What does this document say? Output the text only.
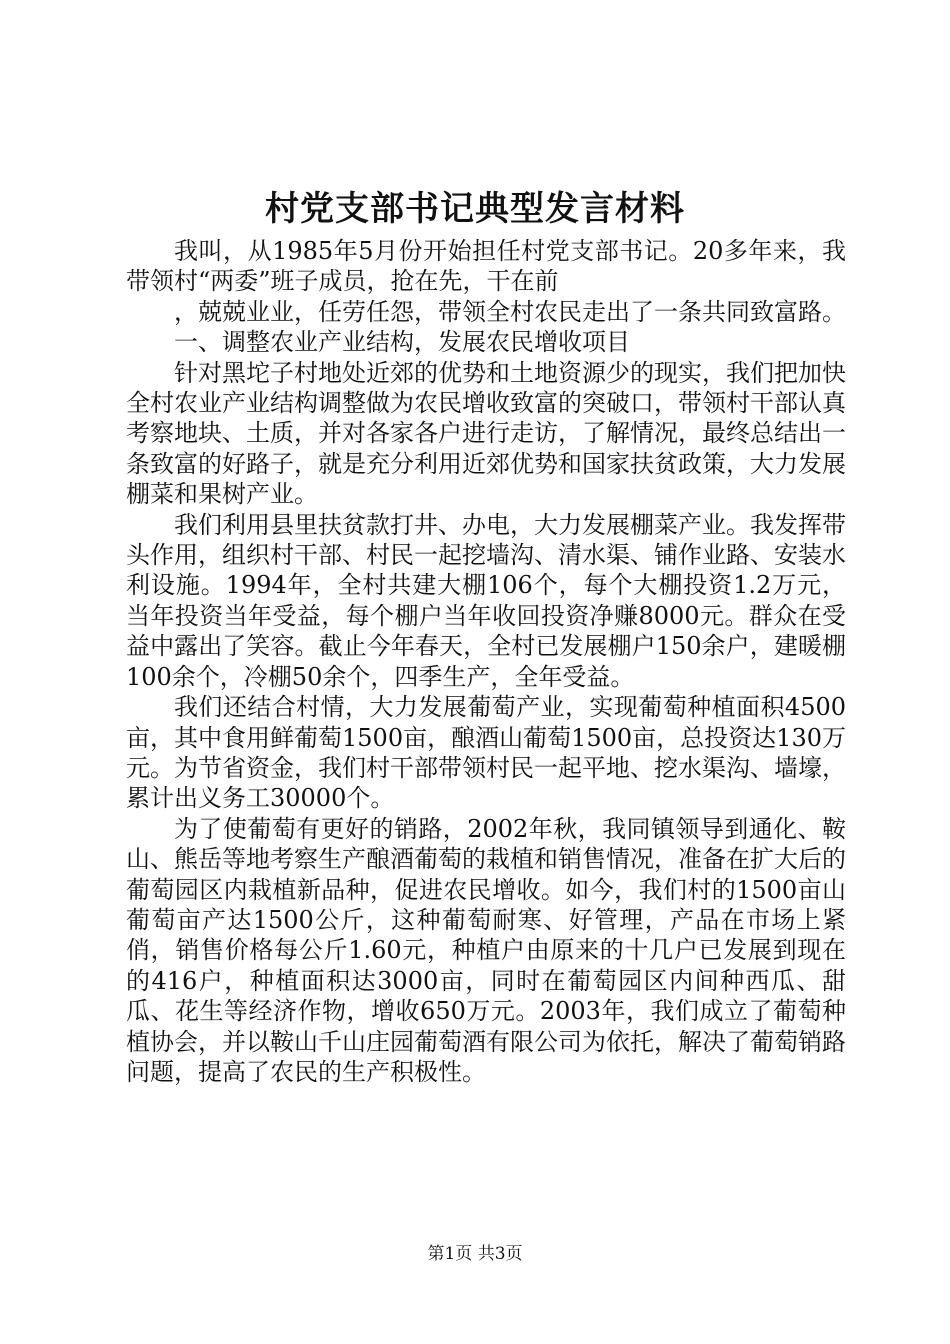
村党支部书记典型发言材料

我叫，从1985年5月份开始担任村党支部书记。20多年来，我带领村“两委”班子成员，抢在先，干在前

，兢兢业业，任劳任怨，带领全村农民走出了一条共同致富路。

一、调整农业产业结构，发展农民增收项目

针对黑坨子村地处近郊的优势和土地资源少的现实，我们把加快全村农业产业结构调整做为农民增收致富的突破口，带领村干部认真考察地块、土质，并对各家各户进行走访，了解情况，最终总结出一条致富的好路子，就是充分利用近郊优势和国家扶贫政策，大力发展棚菜和果树产业。

我们利用县里扶贫款打井、办电，大力发展棚菜产业。我发挥带头作用，组织村干部、村民一起挖墙沟、清水渠、铺作业路、安装水利设施。1994年，全村共建大棚106个，每个大棚投资1.2万元，当年投资当年受益，每个棚户当年收回投资净赚8000元。群众在受益中露出了笑容。截止今年春天，全村已发展棚户150余户，建暖棚100余个，冷棚50余个，四季生产，全年受益。

我们还结合村情，大力发展葡萄产业，实现葡萄种植面积4500亩，其中食用鲜葡萄1500亩，酿酒山葡萄1500亩，总投资达130万元。为节省资金，我们村干部带领村民一起平地、挖水渠沟、墙壕，累计出义务工30000个。

为了使葡萄有更好的销路，2002年秋，我同镇领导到通化、鞍山、熊岳等地考察生产酿酒葡萄的栽植和销售情况，准备在扩大后的葡萄园区内栽植新品种，促进农民增收。如今，我们村的1500亩山葡萄亩产达1500公斤，这种葡萄耐寒、好管理，产品在市场上紧俏，销售价格每公斤1.60元，种植户由原来的十几户已发展到现在的416户，种植面积达3000亩，同时在葡萄园区内间种西瓜、甜瓜、花生等经济作物，增收650万元。2003年，我们成立了葡萄种植协会，并以鞍山千山庄园葡萄酒有限公司为依托，解决了葡萄销路问题，提高了农民的生产积极性。

第1页 共3页
